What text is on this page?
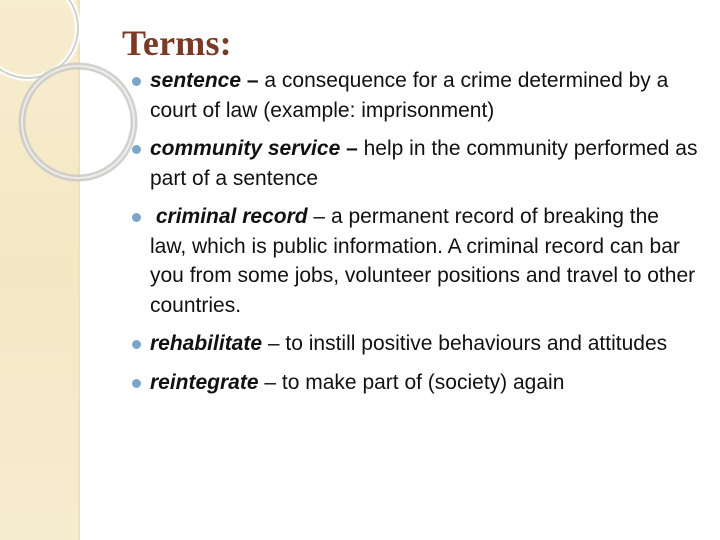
Terms:
sentence – a consequence for a crime determined by a court of law (example: imprisonment)
community service – help in the community performed as part of a sentence
criminal record – a permanent record of breaking the law, which is public information. A criminal record can bar you from some jobs, volunteer positions and travel to other countries.
rehabilitate – to instill positive behaviours and attitudes
reintegrate – to make part of (society) again
